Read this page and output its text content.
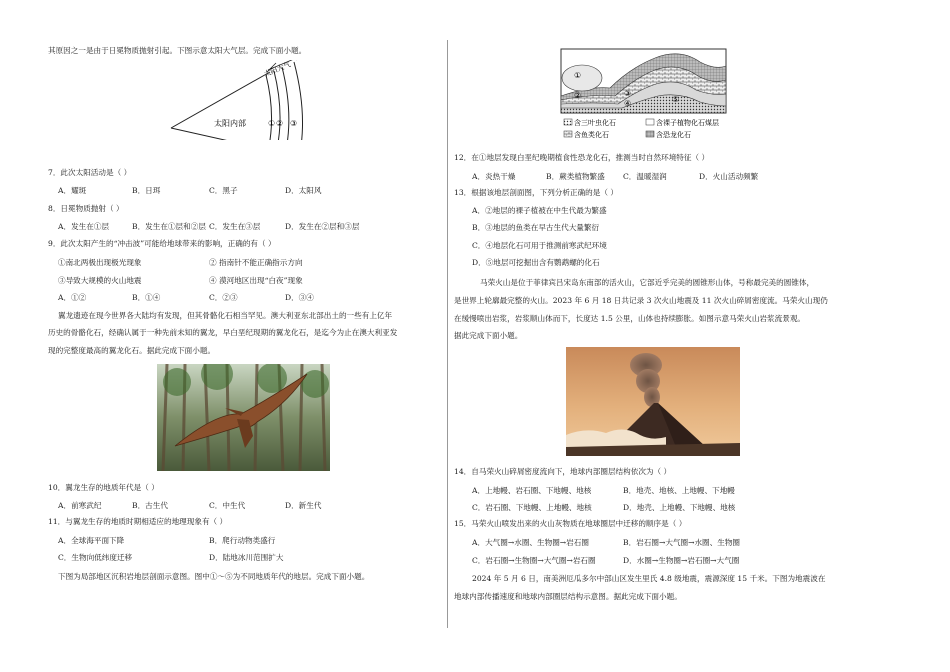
其原因之一是由于日冕物质抛射引起。下图示意太阳大气层。完成下面小题。
太阳大气
太阳内部	① ② ③
7．此次太阳活动是（ ）
A．耀斑	B．日珥	C．黑子	D．太阳风
8．日冕物质抛射（ ）
A．发生在①层	B．发生在①层和②层 C．发生在③层	D．发生在②层和③层
9．此次太阳产生的“冲击波”可能给地球带来的影响，正确的有（ ）
①南北两极出现极光现象	② 指南针不能正确指示方向
③导致大规模的火山地震	④ 漠河地区出现“白夜”现象
A．①②	B．①④	C．②③	D．③④
翼龙遗迹在现今世界各大陆均有发现，但其骨骼化石相当罕见。澳大利亚东北部出土的一些有上亿年
历史的骨骼化石，经确认属于一种先前未知的翼龙，早白垩纪现期的翼龙化石，是迄今为止在澳大利亚发
现的完整度最高的翼龙化石。据此完成下面小题。
10．翼龙生存的地质年代是（ ）
A．前寒武纪	B．古生代	C．中生代	D．新生代
11．与翼龙生存的地质时期相适应的地理现象有（ ）
A．全球海平面下降	B．爬行动物类盛行
C．生物向低纬度迁移	D．陆地冰川范围扩大
下图为局部地区沉积岩地层剖面示意图。图中①～⑤为不同地质年代的地层。完成下面小题。
①
②	③
④	⑤
含三叶虫化石	含裸子植物化石煤层
含鱼类化石	含恐龙化石
12．在①地层发现白垩纪晚期植食性恐龙化石，推测当时自然环境特征（ ）
A．炎热干燥	B．蕨类植物繁盛 C．温暖湿润	D．火山活动频繁
13．根据该地层剖面图，下列分析正确的是（ ）
A．②地层的裸子植被在中生代最为繁盛
B．③地层的鱼类在早古生代大量繁衍
C．④地层化石可用于推测前寒武纪环境
D．⑤地层可挖掘出含有鹦鹉螺的化石
马荣火山是位于菲律宾吕宋岛东南部的活火山，它部近乎完美的圆锥形山体，号称最完美的圆锥体，
是世界上轮廓最完整的火山。2023 年 6 月 18 日共记录 3 次火山地震及 11 次火山碎屑密度流。马荣火山现仍
在缓慢喷出岩浆，岩浆顺山体而下，长度达 1.5 公里，山体也持续膨胀。如图示意马荣火山岩浆流景观。
据此完成下面小题。
14．自马荣火山碎屑密度流向下，地球内部圈层结构依次为（ ）
A．上地幔、岩石圈、下地幔、地核	B．地壳、地核、上地幔、下地幔
C．岩石圈、下地幔、上地幔、地核	D．地壳、上地幔、下地幔、地核
15．马荣火山喷发出来的火山灰物质在地球圈层中迁移的顺序是（ ）
A．大气圈→水圈、生物圈→岩石圈	B．岩石圈→大气圈→水圈、生物圈
C．岩石圈→生物圈→大气圈→岩石圈	D．水圈→生物圈→岩石圈→大气圈
2024 年 5 月 6 日，南美洲厄瓜多尔中部山区发生里氏 4.8 级地震，震源深度 15 千米。下图为地震波在
地球内部传播速度和地球内部圈层结构示意图。据此完成下面小题。
